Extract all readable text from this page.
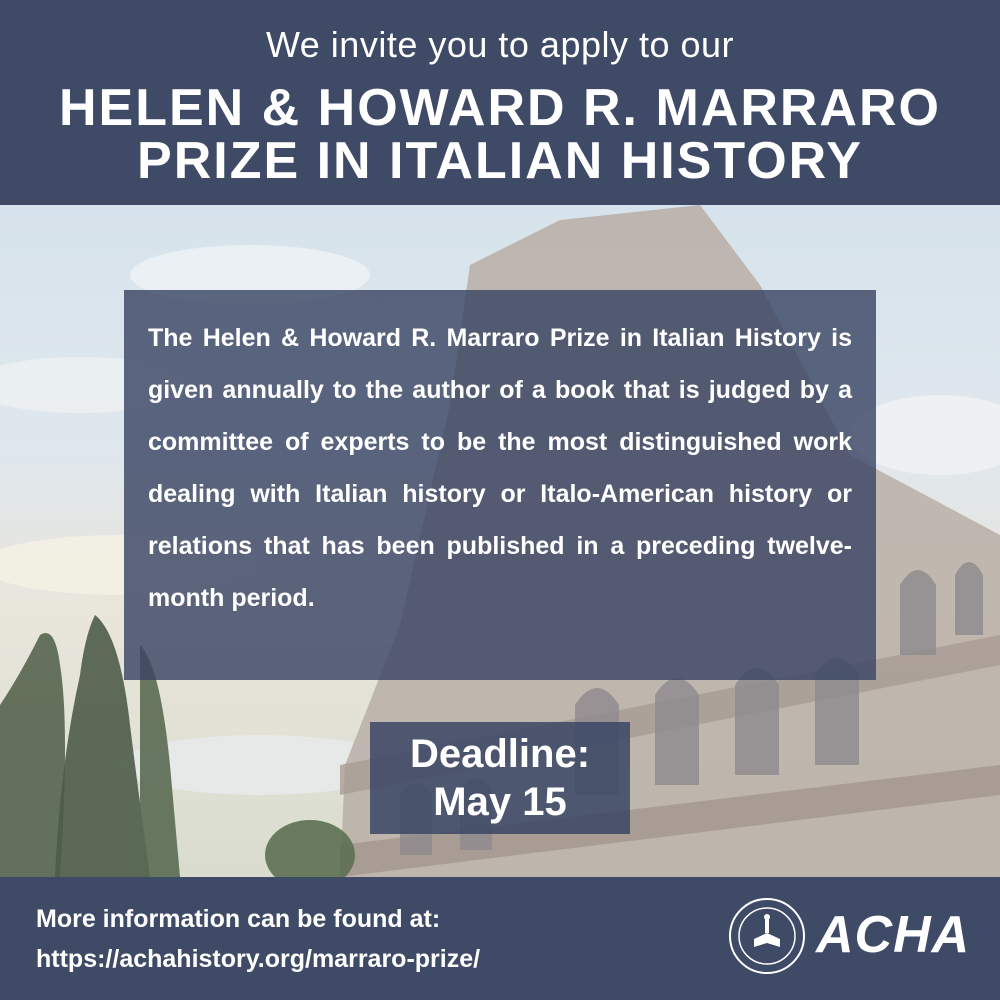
We invite you to apply to our
HELEN & HOWARD R. MARRARO
PRIZE IN ITALIAN HISTORY

The Helen & Howard R. Marraro Prize in Italian History is given annually to the author of a book that is judged by a committee of experts to be the most distinguished work dealing with Italian history or Italo-American history or relations that has been published in a preceding twelve-month period.

Deadline:
May 15
More information can be found at:
https://achahistory.org/marraro-prize/	ACHA
